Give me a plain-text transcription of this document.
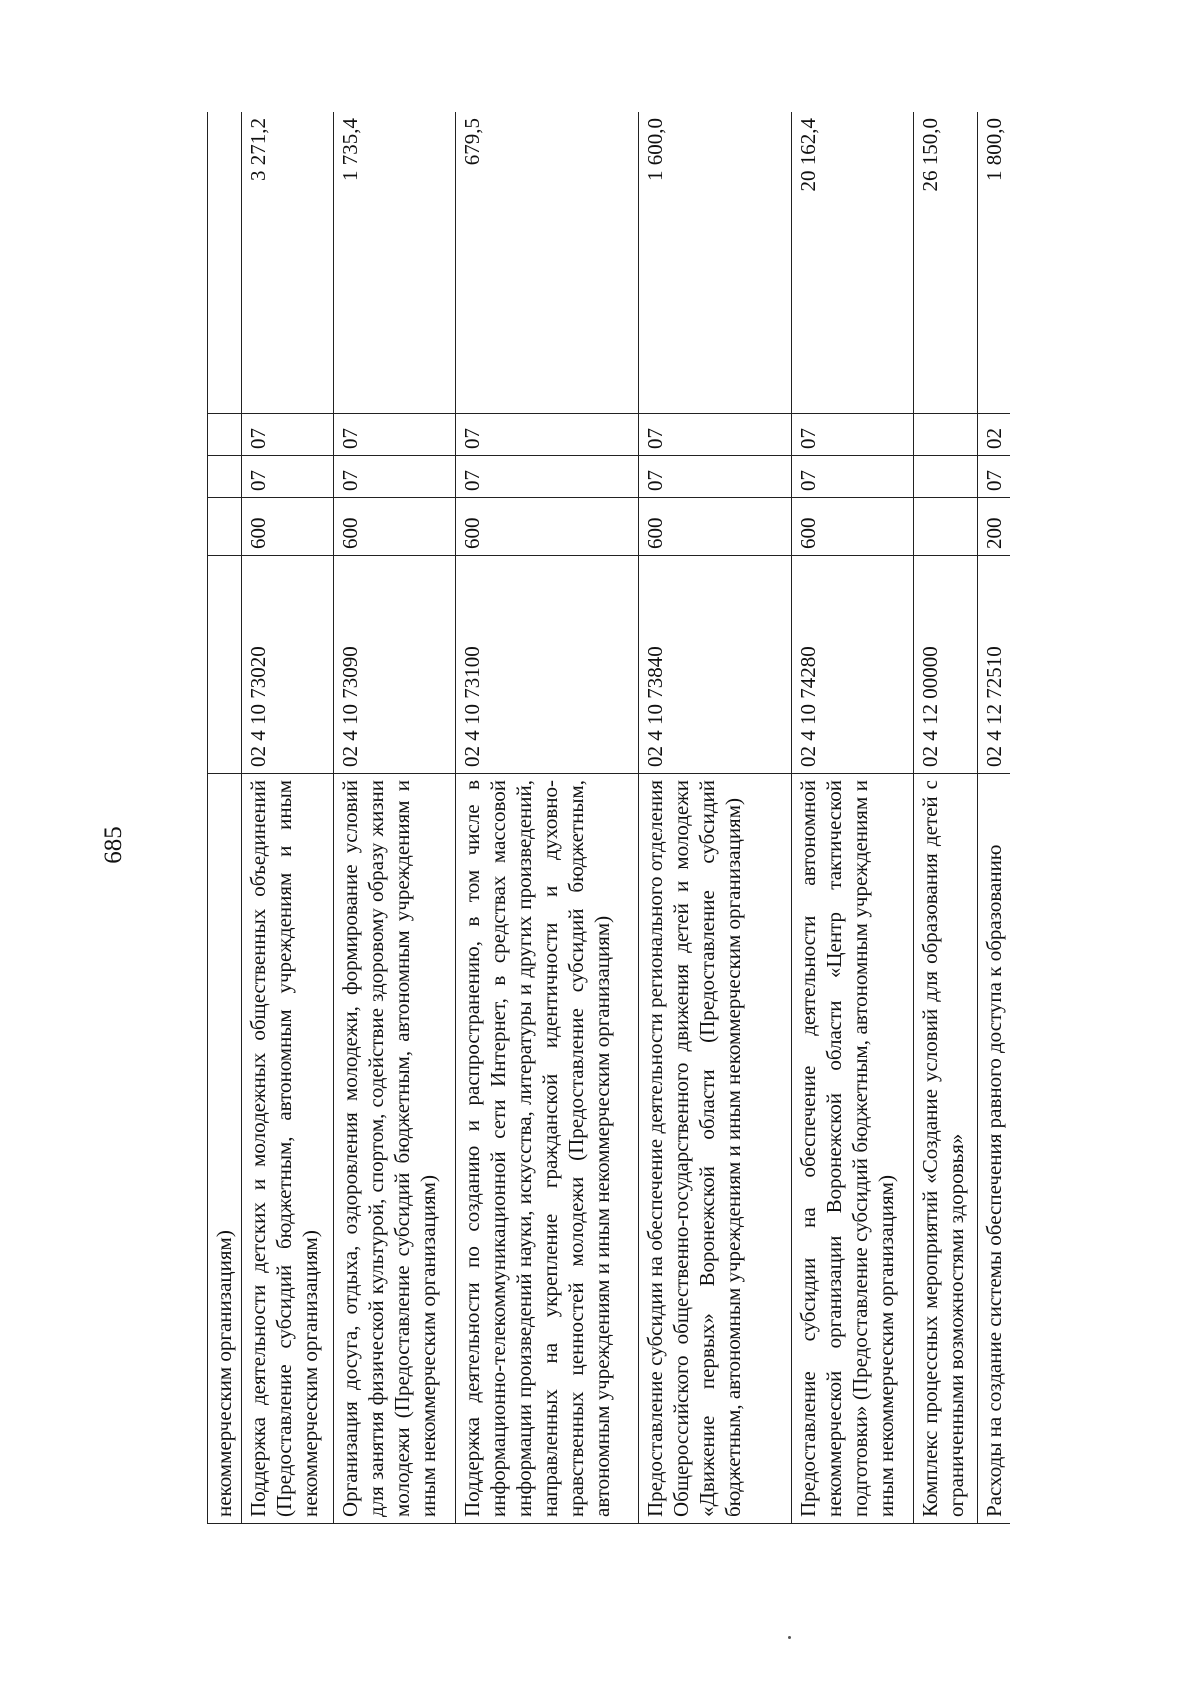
685
некоммерческим организациям)					
Поддержка деятельности детских и молодежных общественных объединений (Предоставление субсидий бюджетным, автономным учреждениям и иным некоммерческим организациям)	02 4 10 73020	600	07	07	3 271,2
Организация досуга, отдыха, оздоровления молодежи, формирование условий для занятия физической культурой, спортом, содействие здоровому образу жизни молодежи (Предоставление субсидий бюджетным, автономным учреждениям и иным некоммерческим организациям)	02 4 10 73090	600	07	07	1 735,4
Поддержка деятельности по созданию и распространению, в том числе в информационно-телекоммуникационной сети Интернет, в средствах массовой информации произведений науки, искусства, литературы и других произведений, направленных на укрепление гражданской идентичности и духовно-нравственных ценностей молодежи (Предоставление субсидий бюджетным, автономным учреждениям и иным некоммерческим организациям)	02 4 10 73100	600	07	07	679,5
Предоставление субсидии на обеспечение деятельности регионального отделения Общероссийского общественно-государственного движения детей и молодежи «Движение первых» Воронежской области (Предоставление субсидий бюджетным, автономным учреждениям и иным некоммерческим организациям)	02 4 10 73840	600	07	07	1 600,0
Предоставление субсидии на обеспечение деятельности автономной некоммерческой организации Воронежской области «Центр тактической подготовки» (Предоставление субсидий бюджетным, автономным учреждениям и иным некоммерческим организациям)	02 4 10 74280	600	07	07	20 162,4
Комплекс процессных мероприятий «Создание условий для образования детей с ограниченными возможностями здоровья»	02 4 12 00000				26 150,0
Расходы на создание системы обеспечения равного доступа к образованию	02 4 12 72510	200	07	02	1 800,0
